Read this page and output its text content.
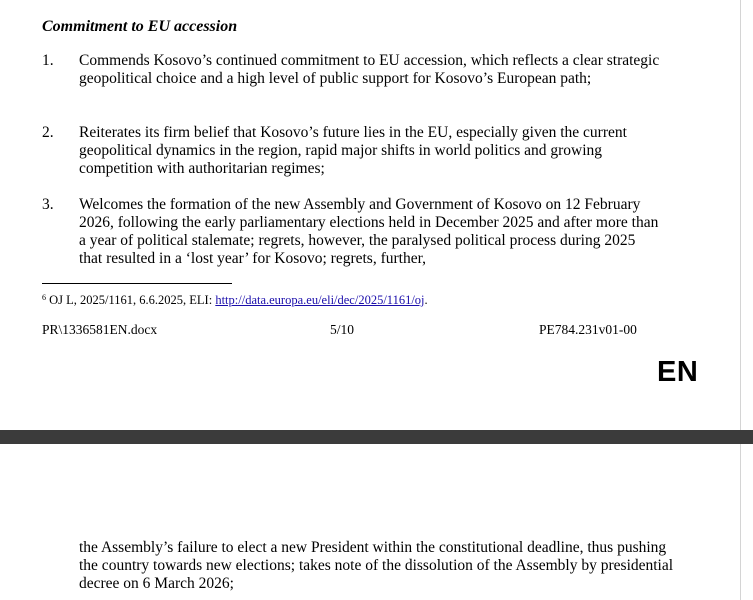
Commitment to EU accession
1.	Commends Kosovo’s continued commitment to EU accession, which reflects a clear strategic geopolitical choice and a high level of public support for Kosovo’s European path;
2.	Reiterates its firm belief that Kosovo’s future lies in the EU, especially given the current geopolitical dynamics in the region, rapid major shifts in world politics and growing competition with authoritarian regimes;
3.	Welcomes the formation of the new Assembly and Government of Kosovo on 12 February 2026, following the early parliamentary elections held in December 2025 and after more than a year of political stalemate; regrets, however, the paralysed political process during 2025 that resulted in a ‘lost year’ for Kosovo; regrets, further,
$^6$ OJ L, 2025/1161, 6.6.2025, ELI: http://data.europa.eu/eli/dec/2025/1161/oj.
PR\1336581EN.docx	5/10	PE784.231v01-00
EN
the Assembly’s failure to elect a new President within the constitutional deadline, thus pushing the country towards new elections; takes note of the dissolution of the Assembly by presidential decree on 6 March 2026;
